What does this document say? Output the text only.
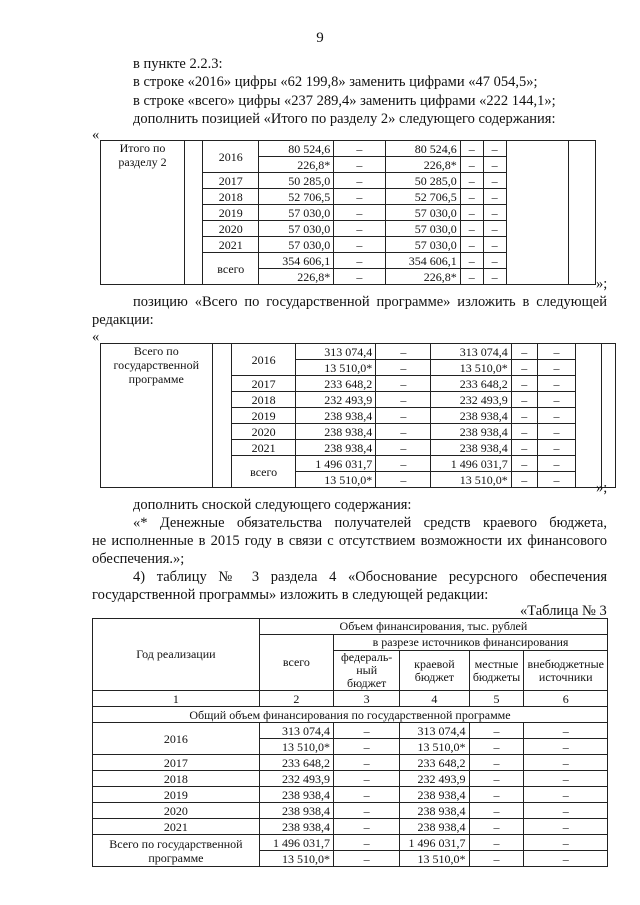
9
в пункте 2.2.3:
в строке «2016» цифры «62 199,8» заменить цифрами «47 054,5»;
в строке «всего» цифры «237 289,4» заменить цифрами «222 144,1»;
дополнить позицией «Итого по разделу 2» следующего содержания:
«
Итого по разделу 2		2016	80 524,6	–	80 524,6	–	–		
			226,8*	–	226,8*	–	–		
		2017	50 285,0	–	50 285,0	–	–		
		2018	52 706,5	–	52 706,5	–	–		
		2019	57 030,0	–	57 030,0	–	–		
		2020	57 030,0	–	57 030,0	–	–		
		2021	57 030,0	–	57 030,0	–	–		
		всего	354 606,1	–	354 606,1	–	–		
			226,8*	–	226,8*	–	–			»;
позицию «Всего по государственной программе» изложить в следующей
редакции:
«
Всего по государственной программе		2016	313 074,4	–	313 074,4	–	–		
			13 510,0*	–	13 510,0*	–	–		
		2017	233 648,2	–	233 648,2	–	–		
		2018	232 493,9	–	232 493,9	–	–		
		2019	238 938,4	–	238 938,4	–	–		
		2020	238 938,4	–	238 938,4	–	–		
		2021	238 938,4	–	238 938,4	–	–		
		всего	1 496 031,7	–	1 496 031,7	–	–		
			13 510,0*	–	13 510,0*	–	–		
»;
дополнить сноской следующего содержания:
«* Денежные обязательства получателей средств краевого бюджета,
не исполненные в 2015 году в связи с отсутствием возможности их финансового
обеспечения.»;
4) таблицу № 3 раздела 4 «Обоснование ресурсного обеспечения
государственной программы» изложить в следующей редакции:
«Таблица № 3
Год реализации	Объем финансирования, тыс. рублей				
	всего	в разрезе источников финансирования			
		федераль-ный бюджет	краевой бюджет	местные бюджеты	внебюджетные источники
1	2	3	4	5	6
Общий объем финансирования по государственной программе					
2016	313 074,4	–	313 074,4	–	–
	13 510,0*	–	13 510,0*	–	–
2017	233 648,2	–	233 648,2	–	–
2018	232 493,9	–	232 493,9	–	–
2019	238 938,4	–	238 938,4	–	–
2020	238 938,4	–	238 938,4	–	–
2021	238 938,4	–	238 938,4	–	–
Всего по государственной программе	1 496 031,7	–	1 496 031,7	–	–
	13 510,0*	–	13 510,0*	–	–
